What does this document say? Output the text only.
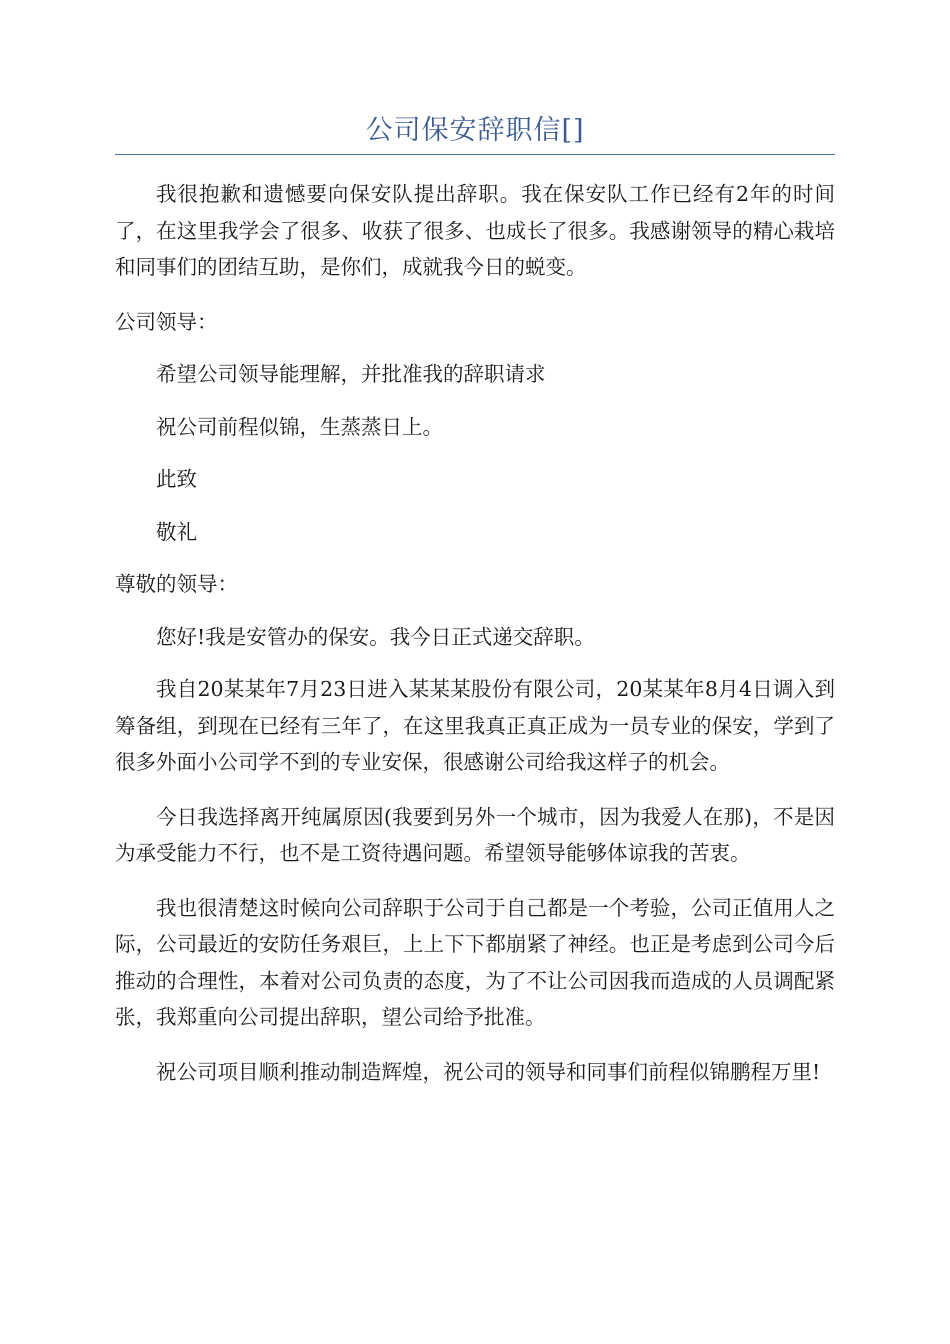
公司保安辞职信[]

我很抱歉和遗憾要向保安队提出辞职。我在保安队工作已经有2年的时间了，在这里我学会了很多、收获了很多、也成长了很多。我感谢领导的精心栽培和同事们的团结互助，是你们，成就我今日的蜕变。

公司领导：

希望公司领导能理解，并批准我的辞职请求

祝公司前程似锦，生蒸蒸日上。

此致

敬礼

尊敬的领导：

您好!我是安管办的保安。我今日正式递交辞职。

我自20某某年7月23日进入某某某股份有限公司，20某某年8月4日调入到筹备组，到现在已经有三年了，在这里我真正真正成为一员专业的保安，学到了很多外面小公司学不到的专业安保，很感谢公司给我这样子的机会。

今日我选择离开纯属原因(我要到另外一个城市，因为我爱人在那)，不是因为承受能力不行，也不是工资待遇问题。希望领导能够体谅我的苦衷。

我也很清楚这时候向公司辞职于公司于自己都是一个考验，公司正值用人之际，公司最近的安防任务艰巨，上上下下都崩紧了神经。也正是考虑到公司今后推动的合理性，本着对公司负责的态度，为了不让公司因我而造成的人员调配紧张，我郑重向公司提出辞职，望公司给予批准。

祝公司项目顺利推动制造辉煌，祝公司的领导和同事们前程似锦鹏程万里!
